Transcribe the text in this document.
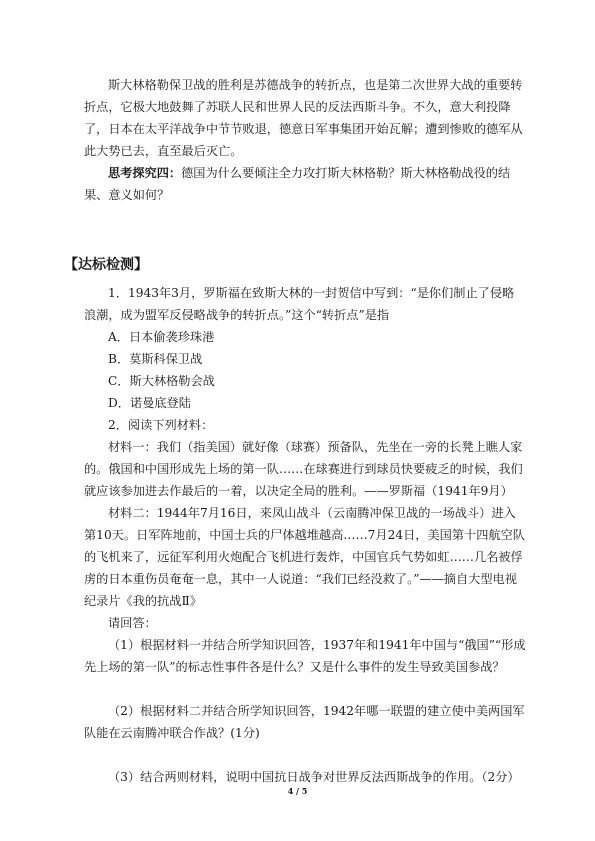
斯大林格勒保卫战的胜利是苏德战争的转折点，也是第二次世界大战的重要转折点，它极大地鼓舞了苏联人民和世界人民的反法西斯斗争。不久，意大利投降了，日本在太平洋战争中节节败退，德意日军事集团开始瓦解；遭到惨败的德军从此大势已去，直至最后灭亡。

思考探究四：德国为什么要倾注全力攻打斯大林格勒？斯大林格勒战役的结果、意义如何？

【达标检测】

1．1943年3月，罗斯福在致斯大林的一封贺信中写到：“是你们制止了侵略浪潮，成为盟军反侵略战争的转折点。”这个“转折点”是指

A．日本偷袭珍珠港

B．莫斯科保卫战

C．斯大林格勒会战

D．诺曼底登陆

2．阅读下列材料：

材料一：我们（指美国）就好像（球赛）预备队，先坐在一旁的长凳上瞧人家的。俄国和中国形成先上场的第一队……在球赛进行到球员快要疲乏的时候，我们就应该参加进去作最后的一着，以决定全局的胜利。——罗斯福（1941年9月）

材料二：1944年7月16日，来凤山战斗（云南腾冲保卫战的一场战斗）进入第10天。日军阵地前，中国士兵的尸体越堆越高……7月24日，美国第十四航空队的飞机来了，远征军利用火炮配合飞机进行轰炸，中国官兵气势如虹……几名被俘虏的日本重伤员奄奄一息，其中一人说道：“我们已经没救了。”——摘自大型电视纪录片《我的抗战Ⅱ》

请回答：

（1）根据材料一并结合所学知识回答，1937年和1941年中国与“俄国”“形成先上场的第一队”的标志性事件各是什么？又是什么事件的发生导致美国参战？

（2）根据材料二并结合所学知识回答，1942年哪一联盟的建立使中美两国军队能在云南腾冲联合作战？(1分)

（3）结合两则材料，说明中国抗日战争对世界反法西斯战争的作用。（2分）

4 / 5
